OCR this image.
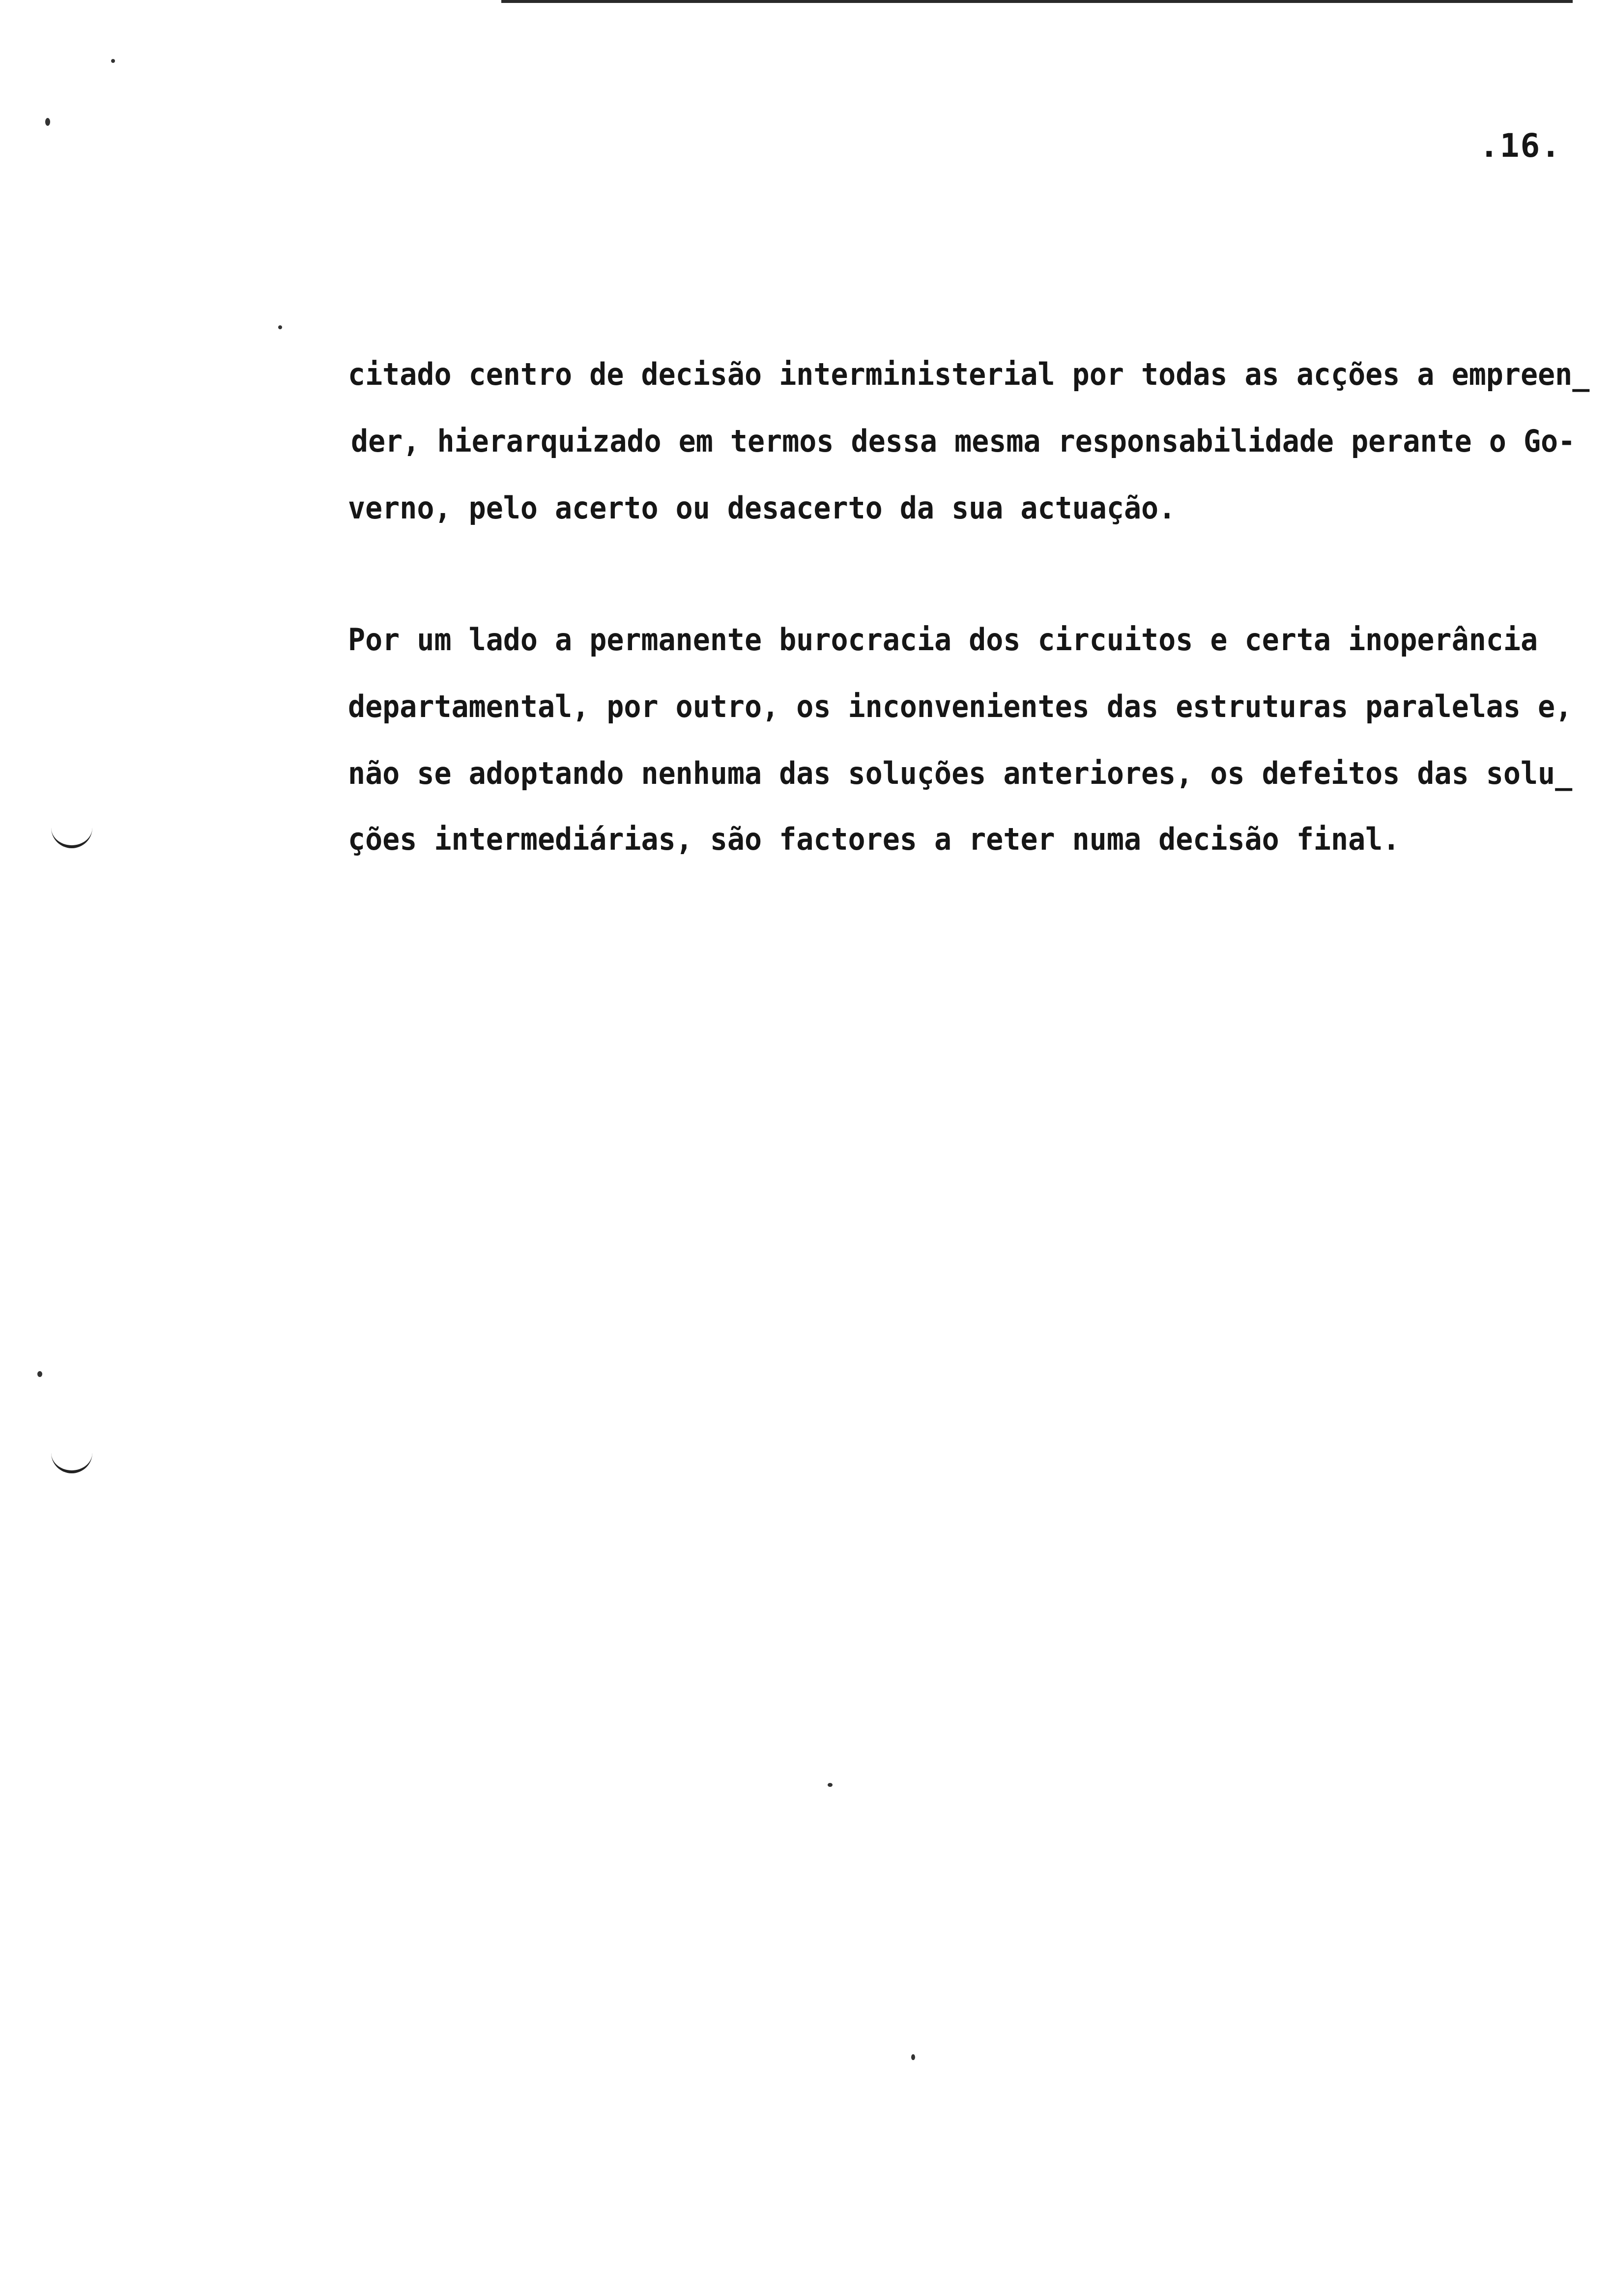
.16.
citado centro de decisão interministerial por todas as acções a empreen_
der, hierarquizado em termos dessa mesma responsabilidade perante o Go-
verno, pelo acerto ou desacerto da sua actuação.
Por um lado a permanente burocracia dos circuitos e certa inoperância
departamental, por outro, os inconvenientes das estruturas paralelas e,
não se adoptando nenhuma das soluções anteriores, os defeitos das solu_
ções intermediárias, são factores a reter numa decisão final.
